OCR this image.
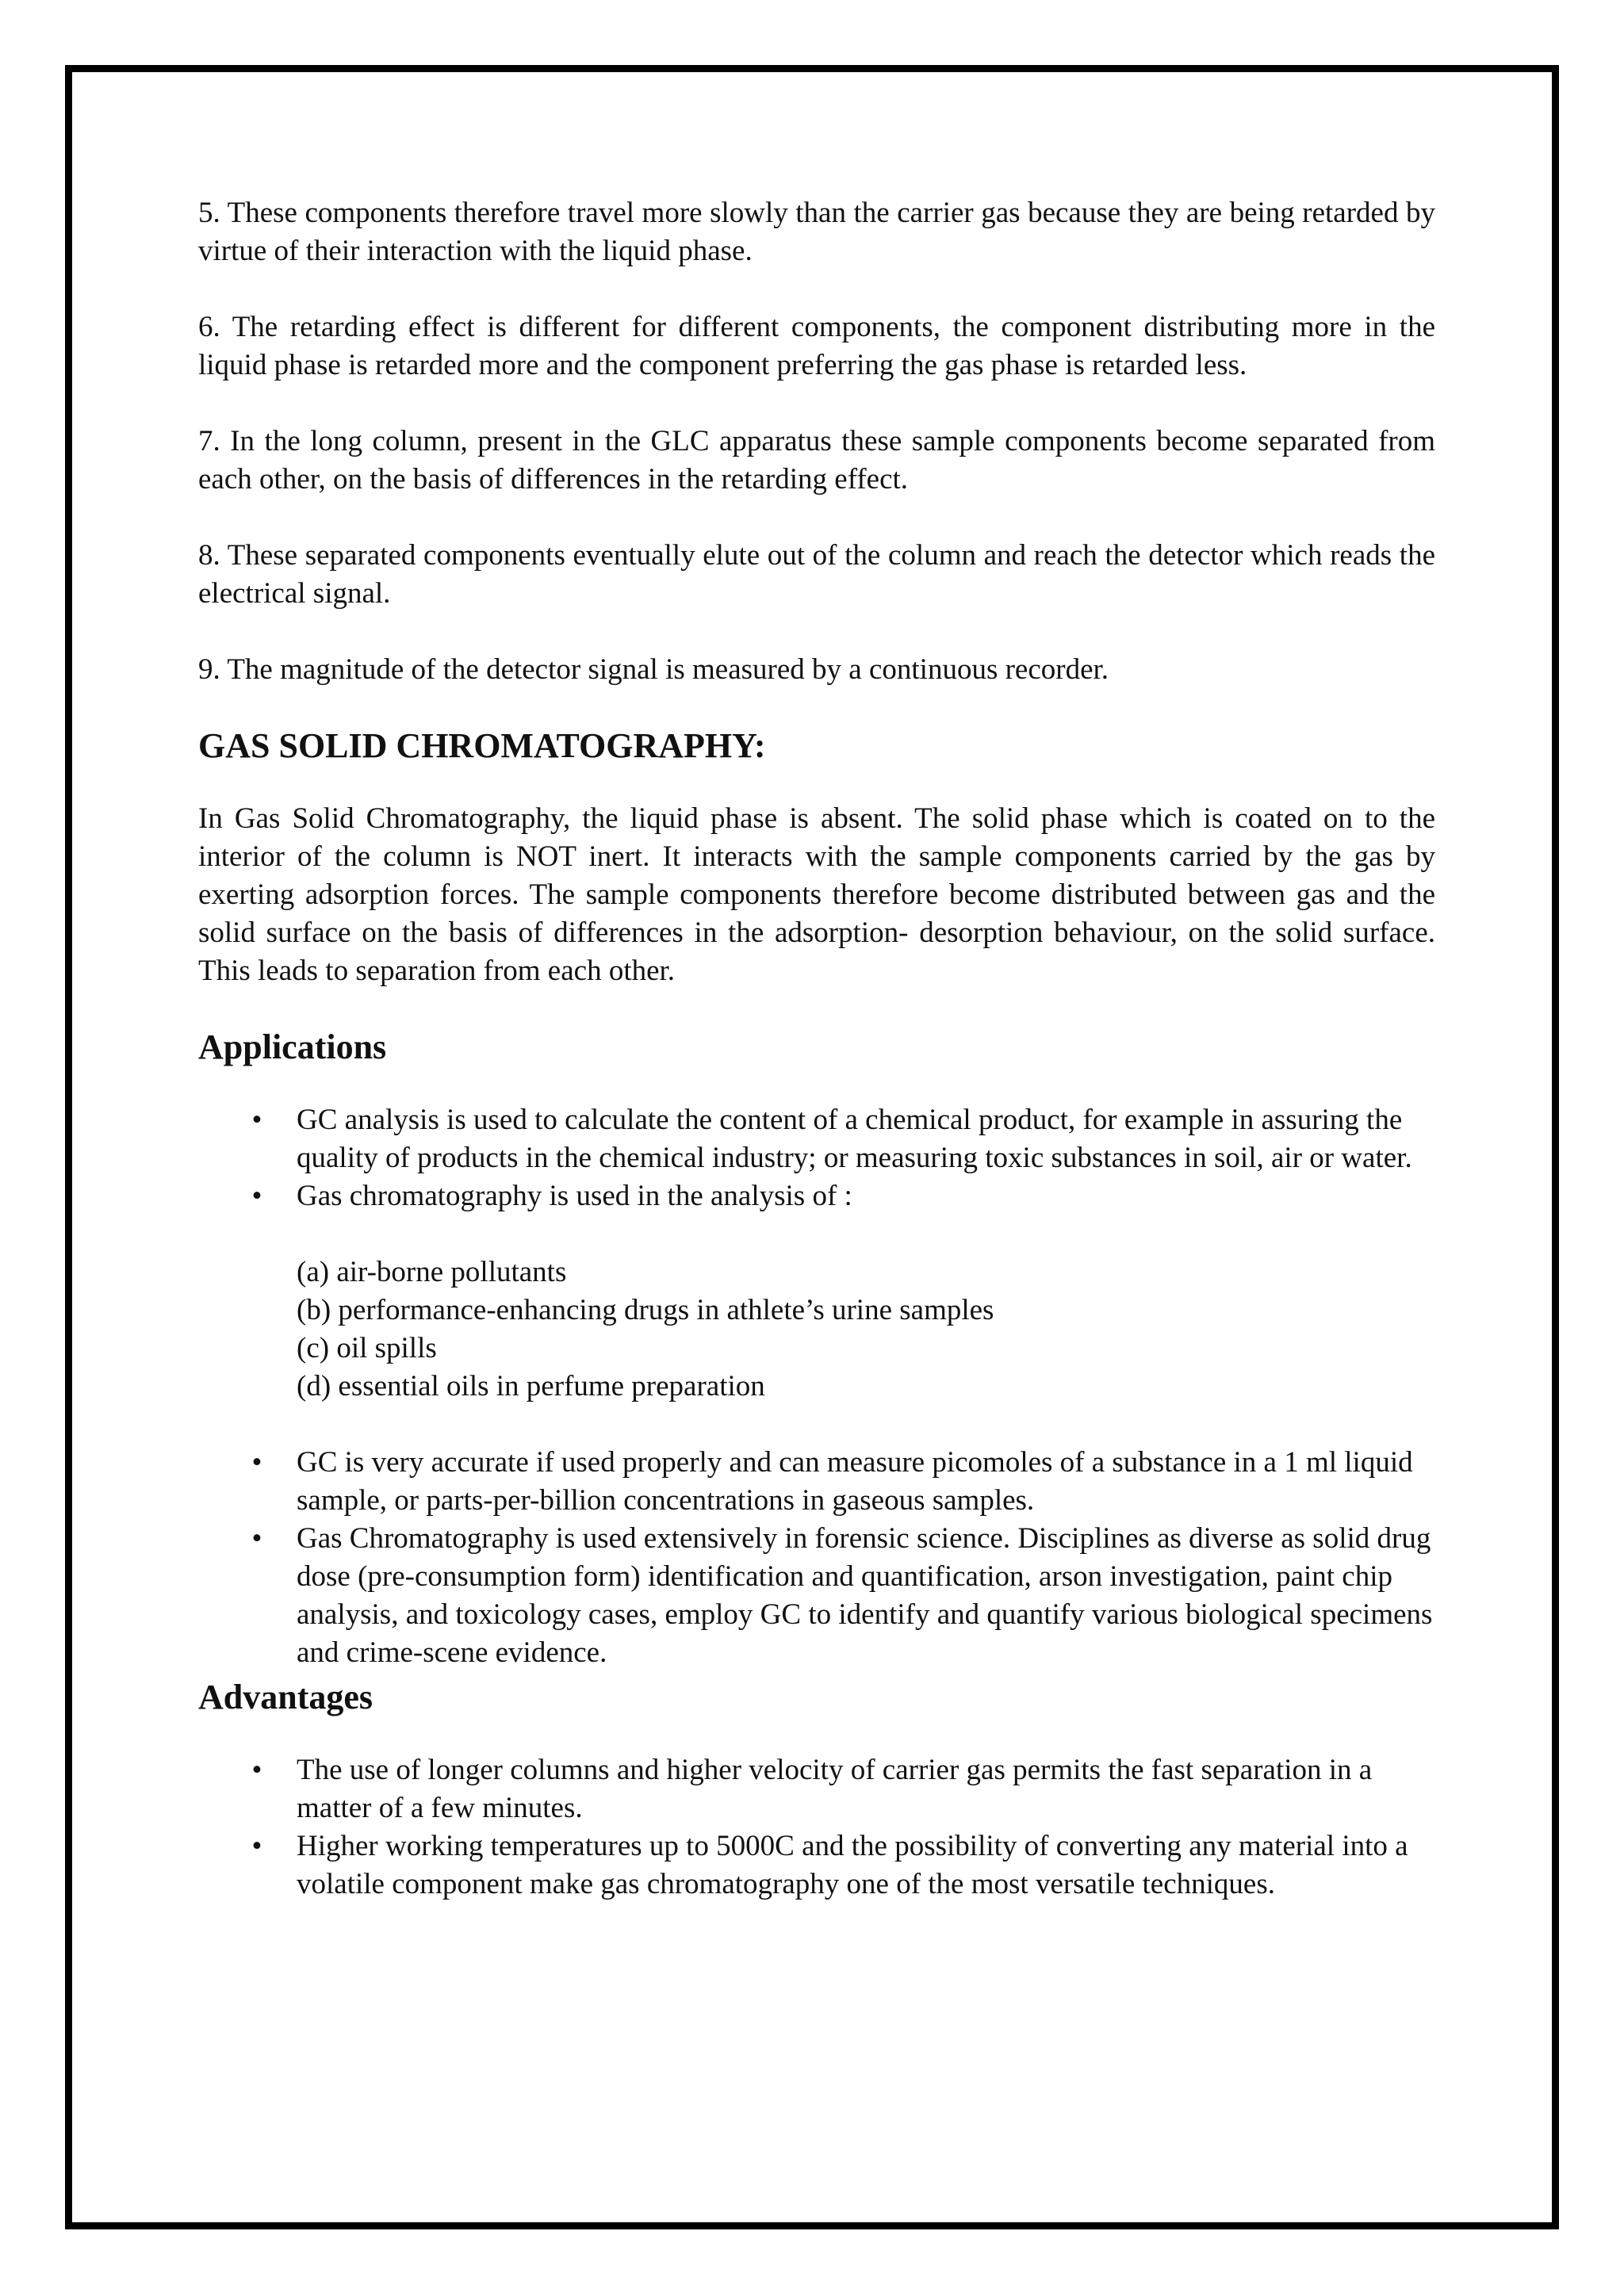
5. These components therefore travel more slowly than the carrier gas because they are being retarded by virtue of their interaction with the liquid phase.

6. The retarding effect is different for different components, the component distributing more in the liquid phase is retarded more and the component preferring the gas phase is retarded less.

7. In the long column, present in the GLC apparatus these sample components become separated from each other, on the basis of differences in the retarding effect.

8. These separated components eventually elute out of the column and reach the detector which reads the electrical signal.

9. The magnitude of the detector signal is measured by a continuous recorder.

GAS SOLID CHROMATOGRAPHY:

In Gas Solid Chromatography, the liquid phase is absent. The solid phase which is coated on to the interior of the column is NOT inert. It interacts with the sample components carried by the gas by exerting adsorption forces. The sample components therefore become distributed between gas and the solid surface on the basis of differences in the adsorption- desorption behaviour, on the solid surface. This leads to separation from each other.

Applications
• GC analysis is used to calculate the content of a chemical product, for example in assuring the quality of products in the chemical industry; or measuring toxic substances in soil, air or water.
• Gas chromatography is used in the analysis of :
(a) air-borne pollutants
(b) performance-enhancing drugs in athlete’s urine samples
(c) oil spills
(d) essential oils in perfume preparation
• GC is very accurate if used properly and can measure picomoles of a substance in a 1 ml liquid sample, or parts-per-billion concentrations in gaseous samples.
• Gas Chromatography is used extensively in forensic science. Disciplines as diverse as solid drug dose (pre-consumption form) identification and quantification, arson investigation, paint chip analysis, and toxicology cases, employ GC to identify and quantify various biological specimens and crime-scene evidence.
Advantages
• The use of longer columns and higher velocity of carrier gas permits the fast separation in a matter of a few minutes.
• Higher working temperatures up to 5000C and the possibility of converting any material into a volatile component make gas chromatography one of the most versatile techniques.
